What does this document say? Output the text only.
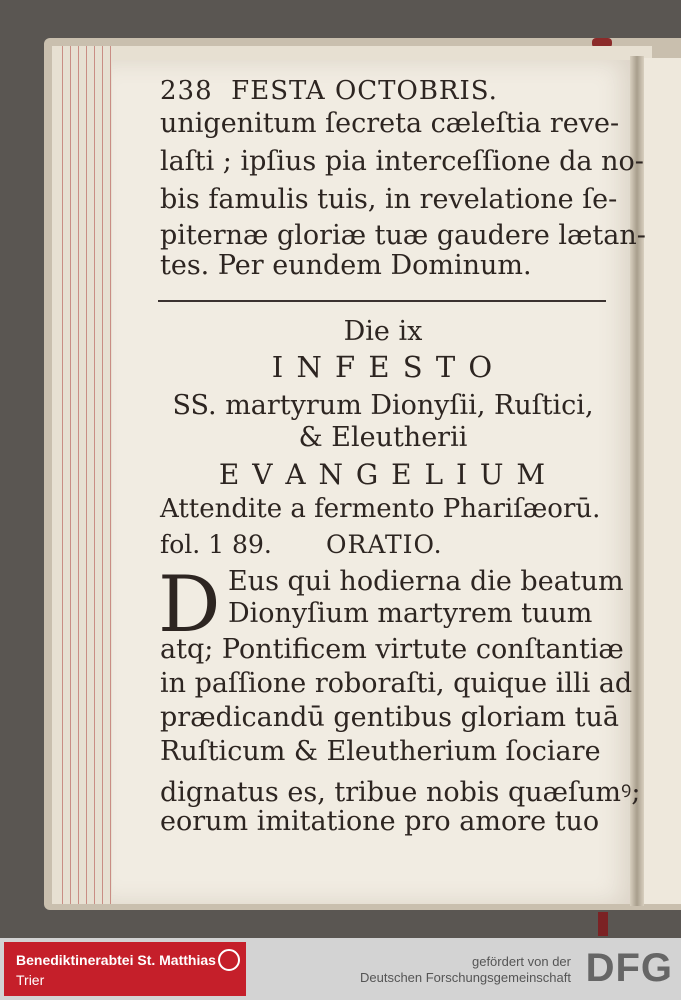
238 FESTA OCTOBRIS.
unigenitum ſecreta cæleſtia reve-
laſti ; ipſius pia interceſſione da no-
bis famulis tuis, in revelatione ſe-
piternæ gloriæ tuæ gaudere lætan-
tes. Per eundem Dominum.
Die ix
I N F E S T O
SS. martyrum Dionyſii, Ruſtici,
& Eleutherii
E V A N G E L I U M
Attendite a fermento Phariſæorū.
fol. 1 89. ORATIO.
D Eus qui hodierna die beatum
Dionyſium martyrem tuum
atq; Pontificem virtute conſtantiæ
in paſſione roboraſti, quique illi ad
prædicandū gentibus gloriam tuā
Ruſticum & Eleutherium ſociare
dignatus es, tribue nobis quæſumꝰ;
eorum imitatione pro amore tuo
Benediktinerabtei St. Matthias
Trier
gefördert von der
Deutschen Forschungsgemeinschaft DFG
